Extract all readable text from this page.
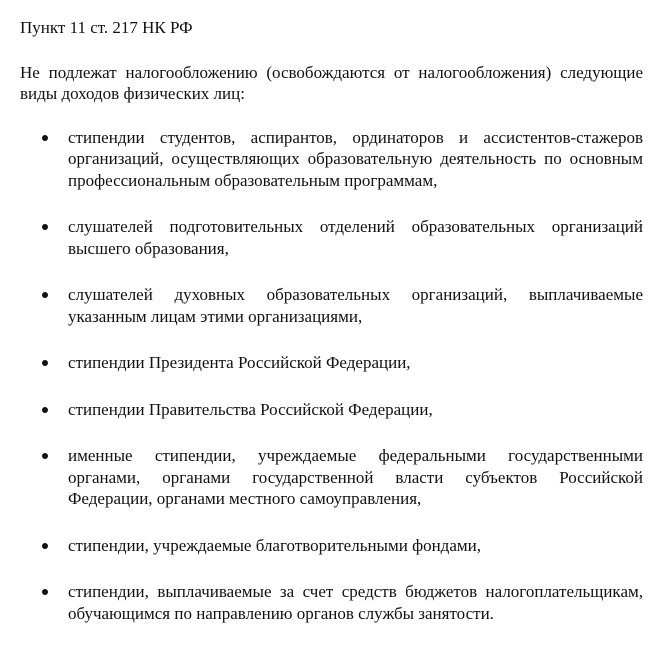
Пункт 11 ст. 217 НК РФ

Не подлежат налогообложению (освобождаются от налогообложения) следующие виды доходов физических лиц:

стипендии студентов, аспирантов, ординаторов и ассистентов-стажеров организаций, осуществляющих образовательную деятельность по основным профессиональным образовательным программам,
слушателей подготовительных отделений образовательных организаций высшего образования,
слушателей духовных образовательных организаций, выплачиваемые указанным лицам этими организациями,
стипендии Президента Российской Федерации,
стипендии Правительства Российской Федерации,
именные стипендии, учреждаемые федеральными государственными органами, органами государственной власти субъектов Российской Федерации, органами местного самоуправления,
стипендии, учреждаемые благотворительными фондами,
стипендии, выплачиваемые за счет средств бюджетов налогоплательщикам, обучающимся по направлению органов службы занятости.
